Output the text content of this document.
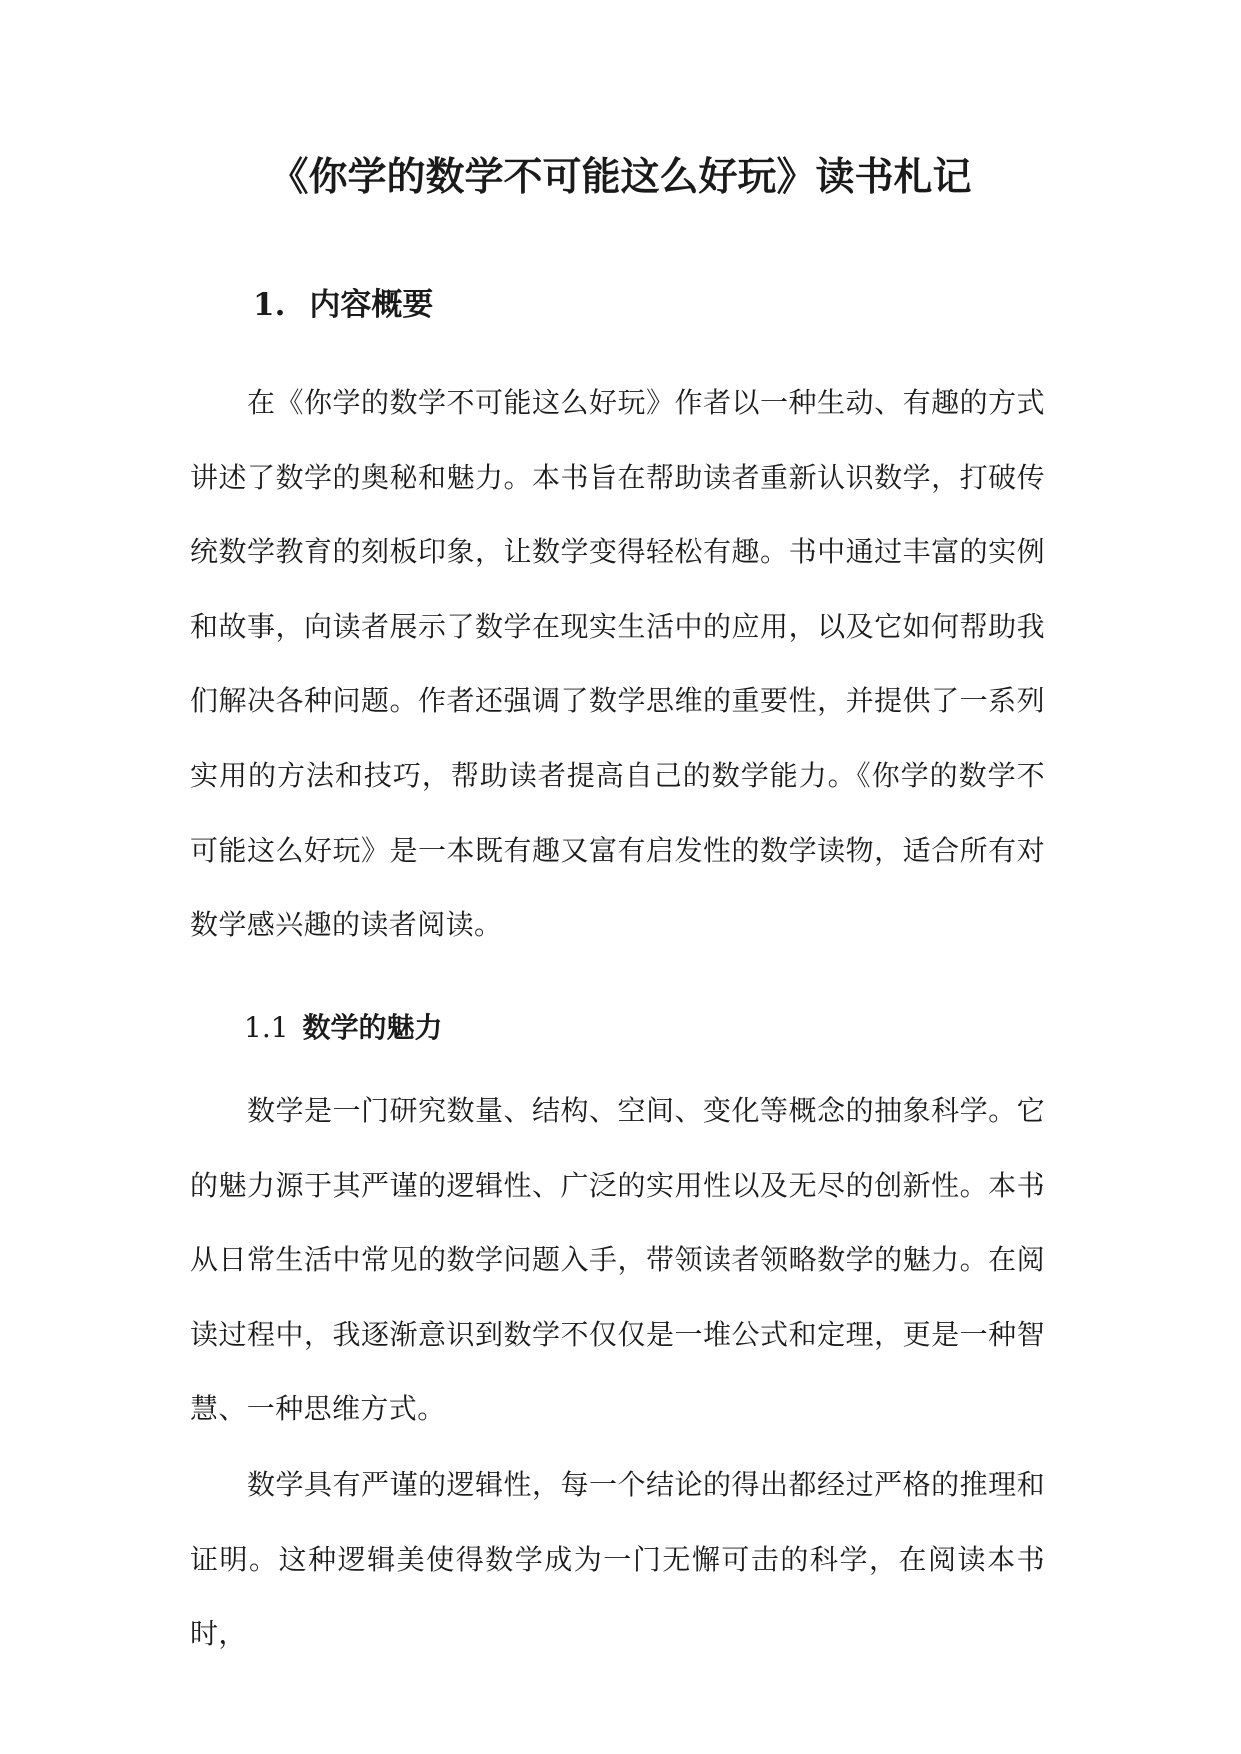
《你学的数学不可能这么好玩》读书札记
1. 内容概要

在《你学的数学不可能这么好玩》作者以一种生动、有趣的方式讲述了数学的奥秘和魅力。本书旨在帮助读者重新认识数学，打破传统数学教育的刻板印象，让数学变得轻松有趣。书中通过丰富的实例和故事，向读者展示了数学在现实生活中的应用，以及它如何帮助我们解决各种问题。作者还强调了数学思维的重要性，并提供了一系列实用的方法和技巧，帮助读者提高自己的数学能力。《你学的数学不可能这么好玩》是一本既有趣又富有启发性的数学读物，适合所有对数学感兴趣的读者阅读。

1.1 数学的魅力

数学是一门研究数量、结构、空间、变化等概念的抽象科学。它的魅力源于其严谨的逻辑性、广泛的实用性以及无尽的创新性。本书从日常生活中常见的数学问题入手，带领读者领略数学的魅力。在阅读过程中，我逐渐意识到数学不仅仅是一堆公式和定理，更是一种智慧、一种思维方式。

数学具有严谨的逻辑性，每一个结论的得出都经过严格的推理和证明。这种逻辑美使得数学成为一门无懈可击的科学，在阅读本书时，
